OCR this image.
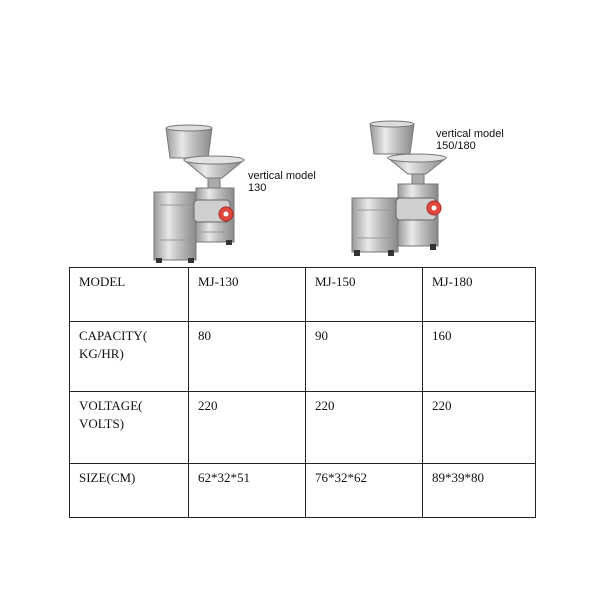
vertical model
130
vertical model
150/180
MODEL	MJ-130	MJ-150	MJ-180
CAPACITY(
KG/HR)	80	90	160
VOLTAGE(
VOLTS)	220	220	220
SIZE(CM)	62*32*51	76*32*62	89*39*80
